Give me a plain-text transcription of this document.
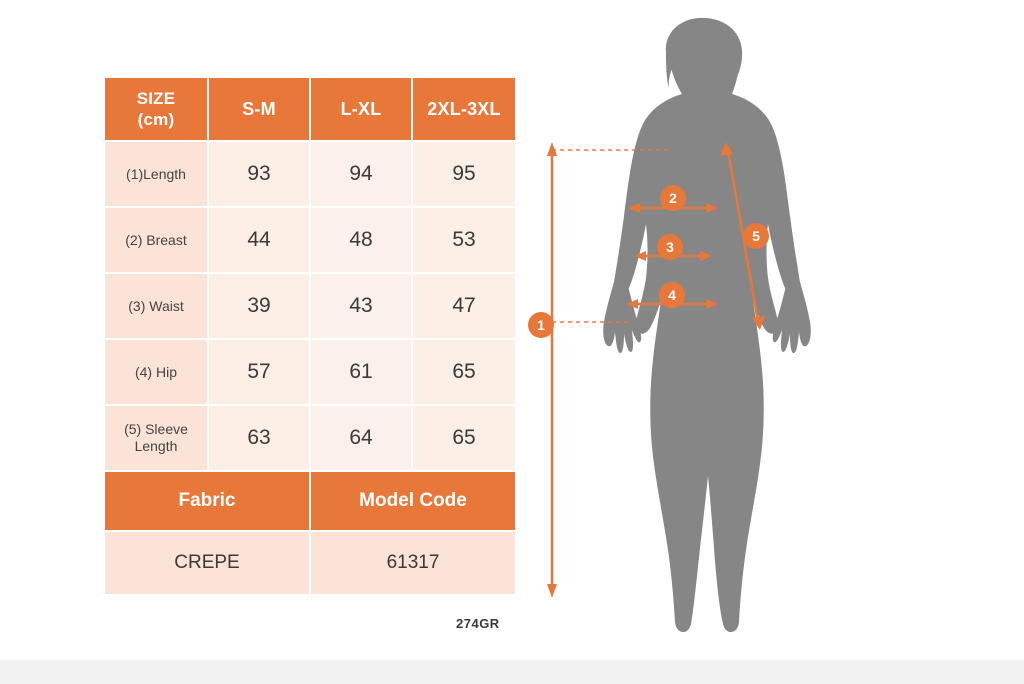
SIZE
(cm)	S-M	L-XL	2XL-3XL
(1)Length	93	94	95
(2) Breast	44	48	53
(3) Waist	39	43	47
(4) Hip	57	61	65
(5) Sleeve Length	63	64	65
Fabric		Model Code	
CREPE		61317	
274GR
1
2
3
4
5
